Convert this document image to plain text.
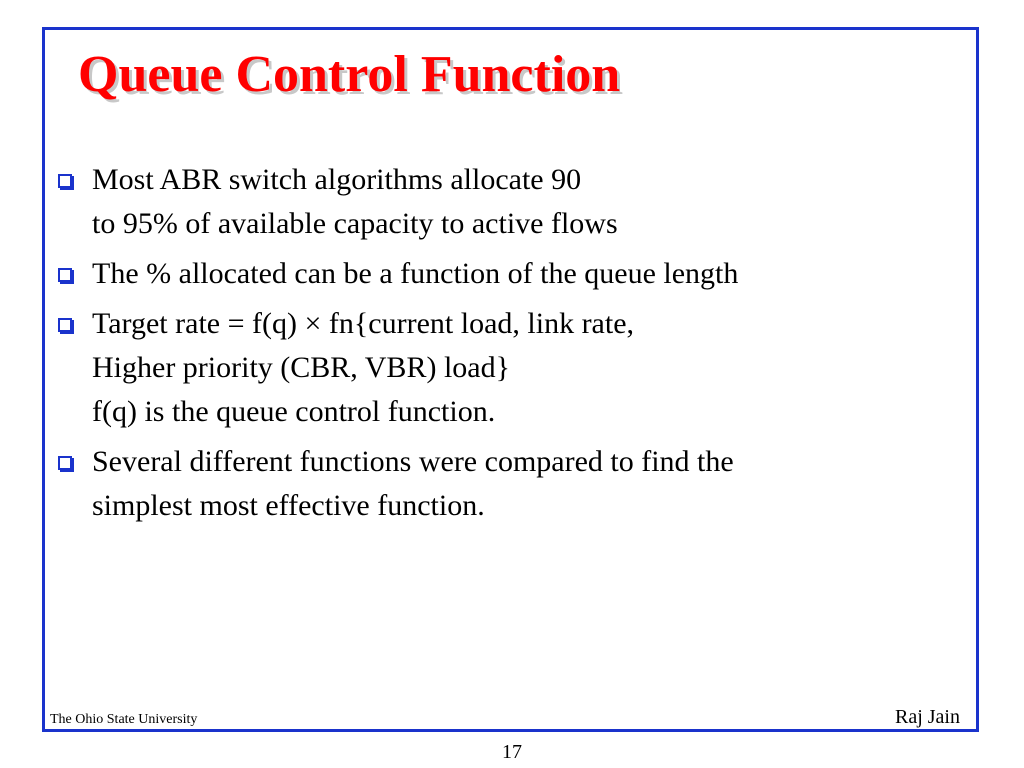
Queue Control Function
Most ABR switch algorithms allocate 90
to 95% of available capacity to active flows
The % allocated can be a function of the queue length
Target rate = f(q) × fn{current load, link rate,
Higher priority (CBR, VBR) load}
f(q) is the queue control function.
Several different functions were compared to find the
simplest most effective function.
The Ohio State University	Raj Jain
17
